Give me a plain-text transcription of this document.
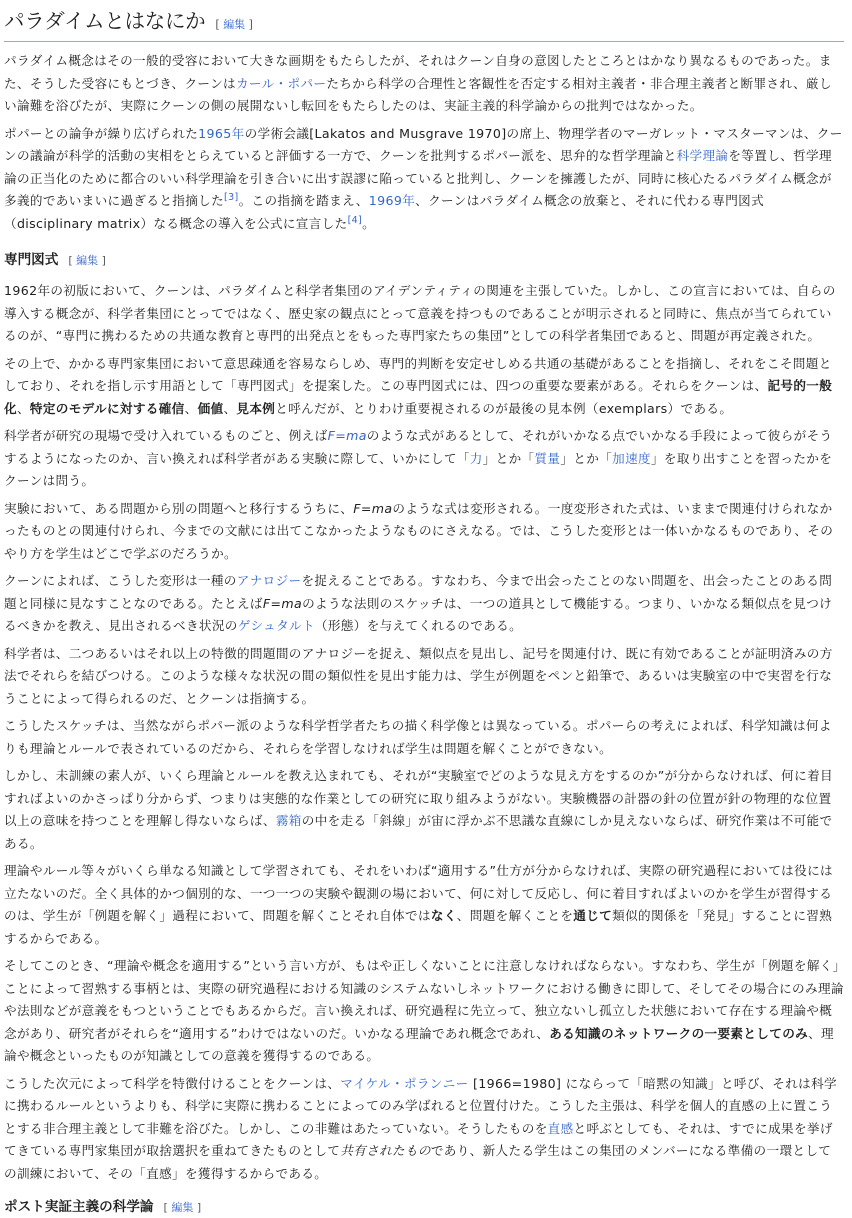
パラダイムとはなにか [ 編集 ]

パラダイム概念はその一般的受容において大きな画期をもたらしたが、それはクーン自身の意図したところとはかなり異なるものであった。また、そうした受容にもとづき、クーンはカール・ポパーたちから科学の合理性と客観性を否定する相対主義者・非合理主義者と断罪され、厳しい論難を浴びたが、実際にクーンの側の展開ないし転回をもたらしたのは、実証主義的科学論からの批判ではなかった。

ポパーとの論争が繰り広げられた1965年の学術会議[Lakatos and Musgrave 1970]の席上、物理学者のマーガレット・マスターマンは、クーンの議論が科学的活動の実相をとらえていると評価する一方で、クーンを批判するポパー派を、思弁的な哲学理論と科学理論を等置し、哲学理論の正当化のために都合のいい科学理論を引き合いに出す誤謬に陥っていると批判し、クーンを擁護したが、同時に核心たるパラダイム概念が多義的であいまいに過ぎると指摘した[3]。この指摘を踏まえ、1969年、クーンはパラダイム概念の放棄と、それに代わる専門図式（disciplinary matrix）なる概念の導入を公式に宣言した[4]。

専門図式 [ 編集 ]

1962年の初版において、クーンは、パラダイムと科学者集団のアイデンティティの関連を主張していた。しかし、この宣言においては、自らの導入する概念が、科学者集団にとってではなく、歴史家の観点にとって意義を持つものであることが明示されると同時に、焦点が当てられているのが、“専門に携わるための共通な教育と専門的出発点とをもった専門家たちの集団”としての科学者集団であると、問題が再定義された。

その上で、かかる専門家集団において意思疎通を容易ならしめ、専門的判断を安定せしめる共通の基礎があることを指摘し、それをこそ問題としており、それを指し示す用語として「専門図式」を提案した。この専門図式には、四つの重要な要素がある。それらをクーンは、記号的一般化、特定のモデルに対する確信、価値、見本例と呼んだが、とりわけ重要視されるのが最後の見本例（exemplars）である。

科学者が研究の現場で受け入れているものごと、例えばF=maのような式があるとして、それがいかなる点でいかなる手段によって彼らがそうするようになったのか、言い換えれば科学者がある実験に際して、いかにして「力」とか「質量」とか「加速度」を取り出すことを習ったかをクーンは問う。

実験において、ある問題から別の問題へと移行するうちに、F=maのような式は変形される。一度変形された式は、いままで関連付けられなかったものとの関連付けられ、今までの文献には出てこなかったようなものにさえなる。では、こうした変形とは一体いかなるものであり、そのやり方を学生はどこで学ぶのだろうか。

クーンによれば、こうした変形は一種のアナロジーを捉えることである。すなわち、今まで出会ったことのない問題を、出会ったことのある問題と同様に見なすことなのである。たとえばF=maのような法則のスケッチは、一つの道具として機能する。つまり、いかなる類似点を見つけるべきかを教え、見出されるべき状況のゲシュタルト（形態）を与えてくれるのである。

科学者は、二つあるいはそれ以上の特徴的問題間のアナロジーを捉え、類似点を見出し、記号を関連付け、既に有効であることが証明済みの方法でそれらを結びつける。このような様々な状況の間の類似性を見出す能力は、学生が例題をペンと鉛筆で、あるいは実験室の中で実習を行なうことによって得られるのだ、とクーンは指摘する。

こうしたスケッチは、当然ながらポパー派のような科学哲学者たちの描く科学像とは異なっている。ポパーらの考えによれば、科学知識は何よりも理論とルールで表されているのだから、それらを学習しなければ学生は問題を解くことができない。

しかし、未訓練の素人が、いくら理論とルールを教え込まれても、それが“実験室でどのような見え方をするのか”が分からなければ、何に着目すればよいのかさっぱり分からず、つまりは実態的な作業としての研究に取り組みようがない。実験機器の計器の針の位置が針の物理的な位置以上の意味を持つことを理解し得ないならば、霧箱の中を走る「斜線」が宙に浮かぶ不思議な直線にしか見えないならば、研究作業は不可能である。

理論やルール等々がいくら単なる知識として学習されても、それをいわば“適用する”仕方が分からなければ、実際の研究過程においては役には立たないのだ。全く具体的かつ個別的な、一つ一つの実験や観測の場において、何に対して反応し、何に着目すればよいのかを学生が習得するのは、学生が「例題を解く」過程において、問題を解くことそれ自体ではなく、問題を解くことを通じて類似的関係を「発見」することに習熟するからである。

そしてこのとき、“理論や概念を適用する”という言い方が、もはや正しくないことに注意しなければならない。すなわち、学生が「例題を解く」ことによって習熟する事柄とは、実際の研究過程における知識のシステムないしネットワークにおける働きに即して、そしてその場合にのみ理論や法則などが意義をもつということでもあるからだ。言い換えれば、研究過程に先立って、独立ないし孤立した状態において存在する理論や概念があり、研究者がそれらを“適用する”わけではないのだ。いかなる理論であれ概念であれ、ある知識のネットワークの一要素としてのみ、理論や概念といったものが知識としての意義を獲得するのである。

こうした次元によって科学を特徴付けることをクーンは、マイケル・ポランニー [1966=1980] にならって「暗黙の知識」と呼び、それは科学に携わるルールというよりも、科学に実際に携わることによってのみ学ばれると位置付けた。こうした主張は、科学を個人的直感の上に置こうとする非合理主義として非難を浴びた。しかし、この非難はあたっていない。そうしたものを直感と呼ぶとしても、それは、すでに成果を挙げてきている専門家集団が取捨選択を重ねてきたものとして共有されたものであり、新人たる学生はこの集団のメンバーになる準備の一環としての訓練において、その「直感」を獲得するからである。

ポスト実証主義の科学論 [ 編集 ]
